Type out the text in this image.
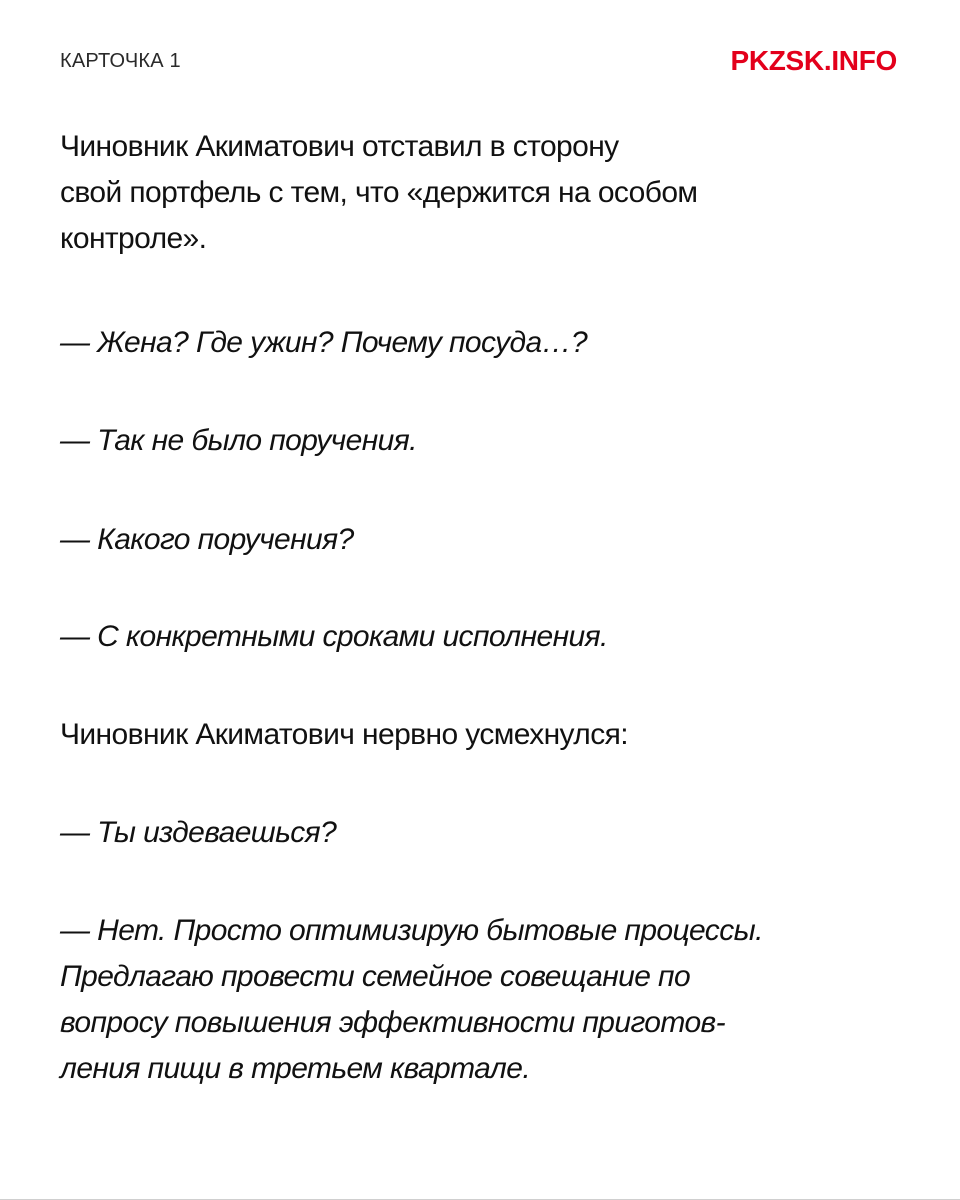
КАРТОЧКА 1	PKZSK.INFO
Чиновник Акиматович отставил в сторону
свой портфель с тем, что «держится на особом
контроле».
— Жена? Где ужин? Почему посуда…?
— Так не было поручения.
— Какого поручения?
— С конкретными сроками исполнения.
Чиновник Акиматович нервно усмехнулся:
— Ты издеваешься?
— Нет. Просто оптимизирую бытовые процессы.
Предлагаю провести семейное совещание по
вопросу повышения эффективности приготов-
ления пищи в третьем квартале.
